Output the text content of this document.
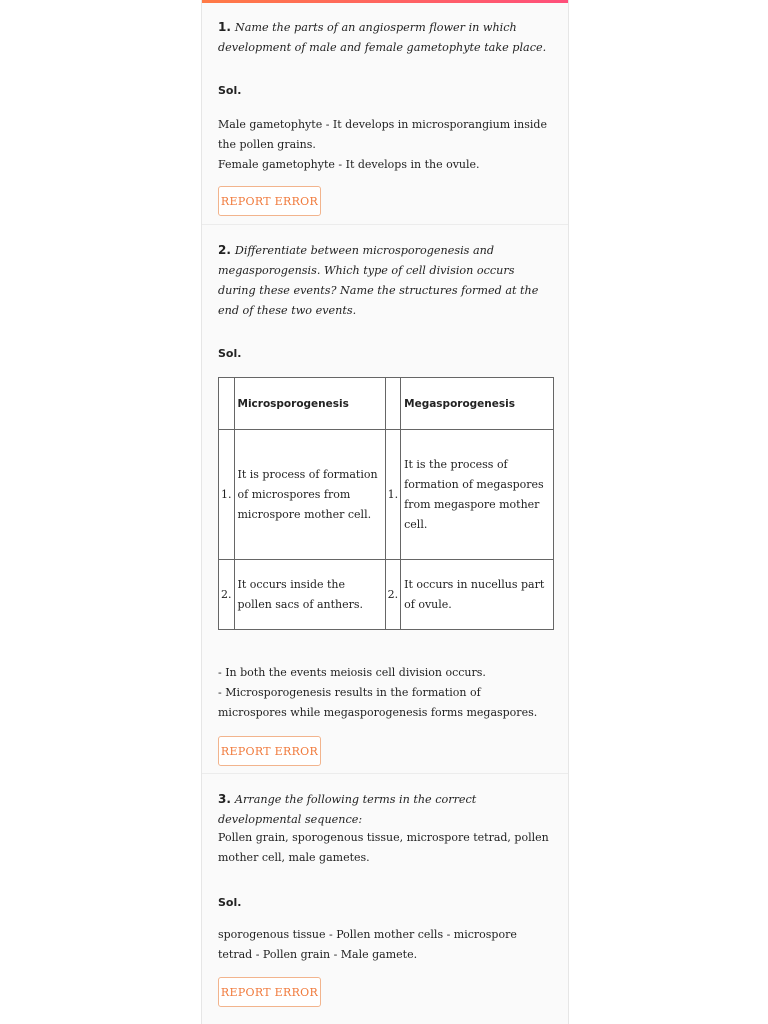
1. Name the parts of an angiosperm flower in which development of male and female gametophyte take place.

Sol.

Male gametophyte - It develops in microsporangium inside the pollen grains.

Female gametophyte - It develops in the ovule.

REPORT ERROR

2. Differentiate between microsporogenesis and megasporogensis. Which type of cell division occurs during these events? Name the structures formed at the end of these two events.

Sol.

	Microsporogenesis		Megasporogenesis
1.	It is process of formation of microspores from microspore mother cell.	1.	It is the process of formation of megaspores from megaspore mother cell.
2.	It occurs inside the pollen sacs of anthers.	2.	It occurs in nucellus part of ovule.

- In both the events meiosis cell division occurs.

- Microsporogenesis results in the formation of microspores while megasporogenesis forms megaspores.

REPORT ERROR

3. Arrange the following terms in the correct developmental sequence:

Pollen grain, sporogenous tissue, microspore tetrad, pollen mother cell, male gametes.

Sol.

sporogenous tissue - Pollen mother cells - microspore tetrad - Pollen grain - Male gamete.

REPORT ERROR
